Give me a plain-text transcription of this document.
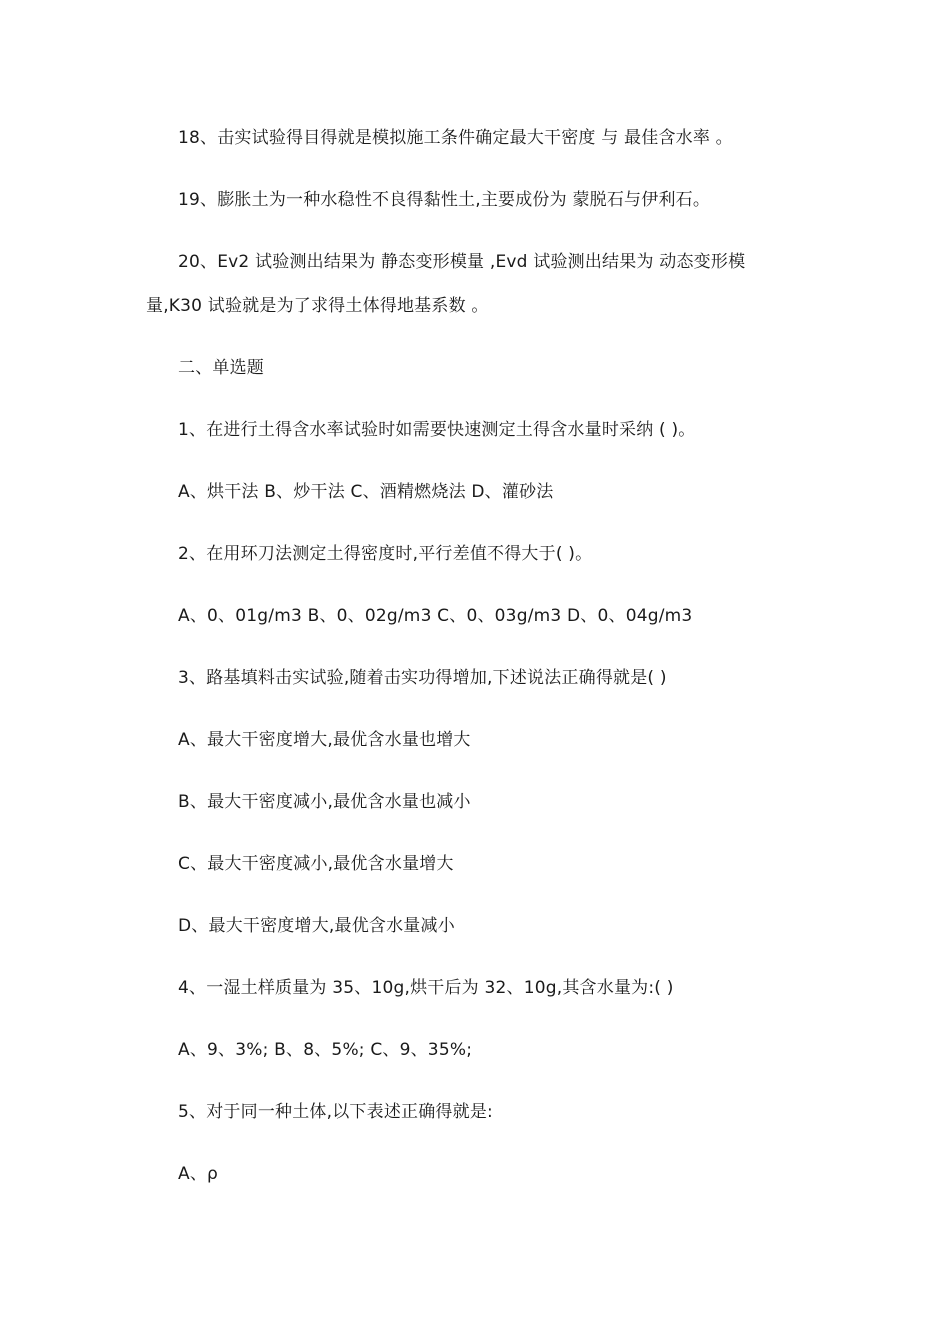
18、击实试验得目得就是模拟施工条件确定最大干密度 与 最佳含水率 。
19、膨胀土为一种水稳性不良得黏性土,主要成份为 蒙脱石与伊利石。
20、Ev2 试验测出结果为 静态变形模量 ,Evd 试验测出结果为 动态变形模
量,K30 试验就是为了求得土体得地基系数 。
二、单选题
1、在进行土得含水率试验时如需要快速测定土得含水量时采纳 ( )。
A、烘干法 B、炒干法 C、酒精燃烧法 D、灌砂法
2、在用环刀法测定土得密度时,平行差值不得大于( )。
A、0、01g/m3 B、0、02g/m3 C、0、03g/m3 D、0、04g/m3
3、路基填料击实试验,随着击实功得增加,下述说法正确得就是( )
A、最大干密度增大,最优含水量也增大
B、最大干密度减小,最优含水量也减小
C、最大干密度减小,最优含水量增大
D、最大干密度增大,最优含水量减小
4、一湿土样质量为 35、10g,烘干后为 32、10g,其含水量为:( )
A、9、3%; B、8、5%; C、9、35%;
5、对于同一种土体,以下表述正确得就是:
A、ρ
